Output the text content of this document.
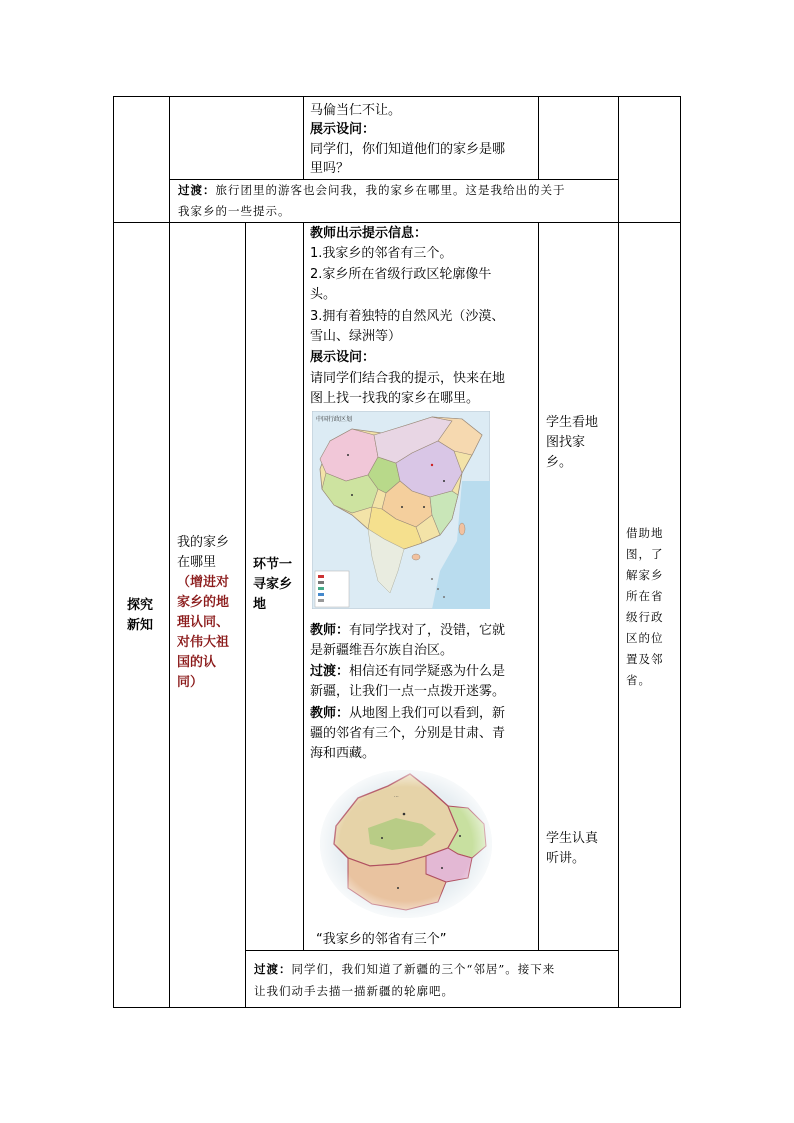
马倫当仁不让。
展示设问：
同学们，你们知道他们的家乡是哪
里吗？
过渡：旅行团里的游客也会问我，我的家乡在哪里。这是我给出的关于
我家乡的一些提示。
探究
新知
我的家乡
在哪里
（增进对
家乡的地
理认同、
对伟大祖
国的认
同）
环节一
寻家乡
地
教师出示提示信息：
1.我家乡的邻省有三个。
2.家乡所在省级行政区轮廓像牛
头。
3.拥有着独特的自然风光（沙漠、
雪山、绿洲等）
展示设问：
请同学们结合我的提示，快来在地
图上找一找我的家乡在哪里。
中国行政区划
教师：有同学找对了，没错，它就
是新疆维吾尔族自治区。
过渡：相信还有同学疑惑为什么是
新疆，让我们一点一点拨开迷雾。
教师：从地图上我们可以看到，新
疆的邻省有三个，分别是甘肃、青
海和西藏。
“我家乡的邻省有三个”
学生看地
图找家
乡。
学生认真
听讲。
借助地
图，了
解家乡
所在省
级行政
区的位
置及邻
省。
过渡：同学们，我们知道了新疆的三个“邻居”。接下来
让我们动手去描一描新疆的轮廓吧。
